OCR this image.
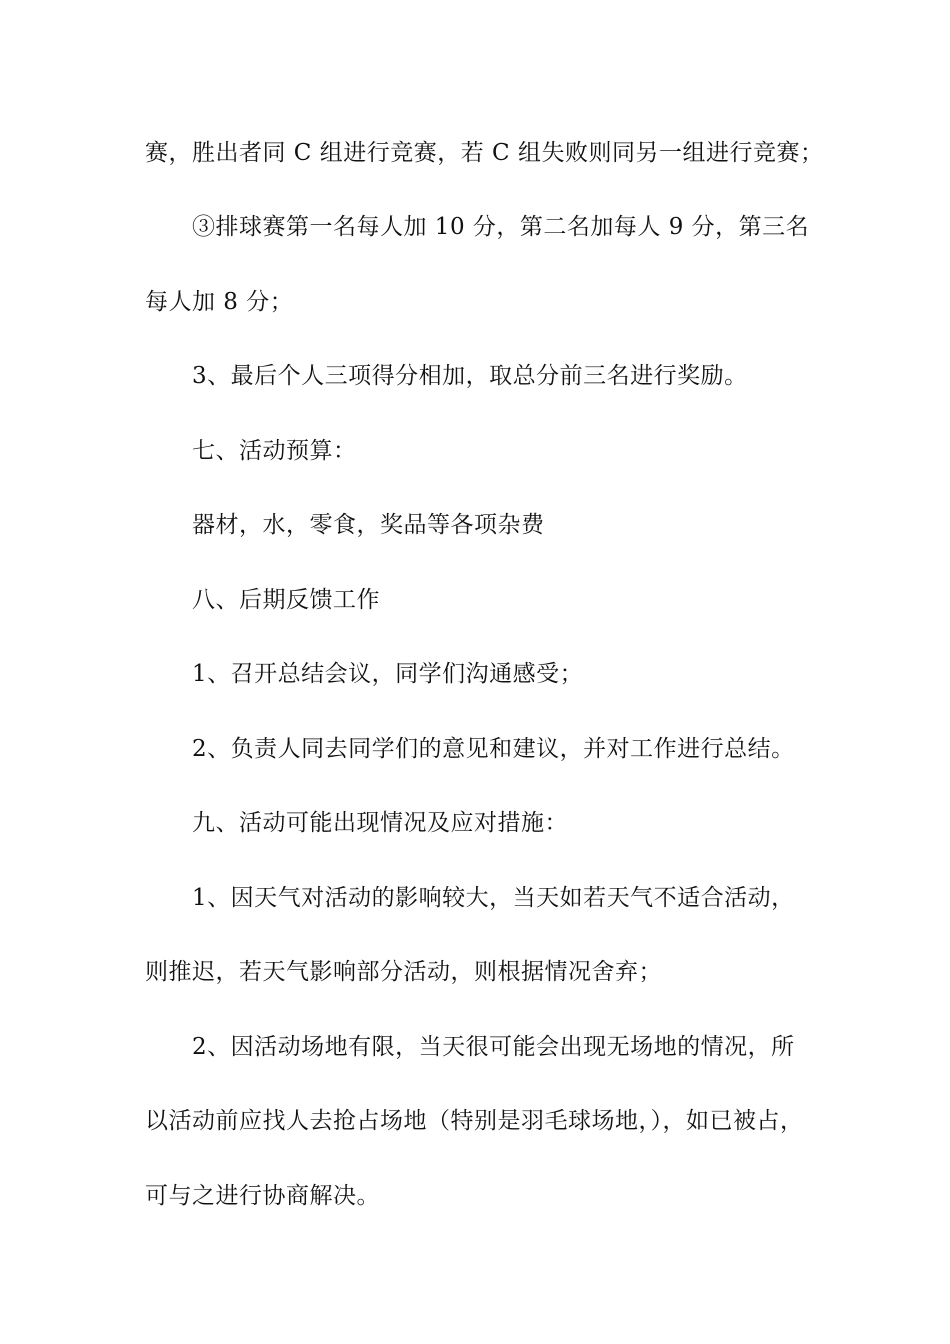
赛，胜出者同 C 组进行竞赛，若 C 组失败则同另一组进行竞赛；
③排球赛第一名每人加 10 分，第二名加每人 9 分，第三名
每人加 8 分；
3、最后个人三项得分相加，取总分前三名进行奖励。
七、活动预算：
器材，水，零食，奖品等各项杂费
八、后期反馈工作
1、召开总结会议，同学们沟通感受；
2、负责人同去同学们的意见和建议，并对工作进行总结。
九、活动可能出现情况及应对措施：
1、因天气对活动的影响较大，当天如若天气不适合活动，
则推迟，若天气影响部分活动，则根据情况舍弃；
2、因活动场地有限，当天很可能会出现无场地的情况，所
以活动前应找人去抢占场地（特别是羽毛球场地，），如已被占，
可与之进行协商解决。
